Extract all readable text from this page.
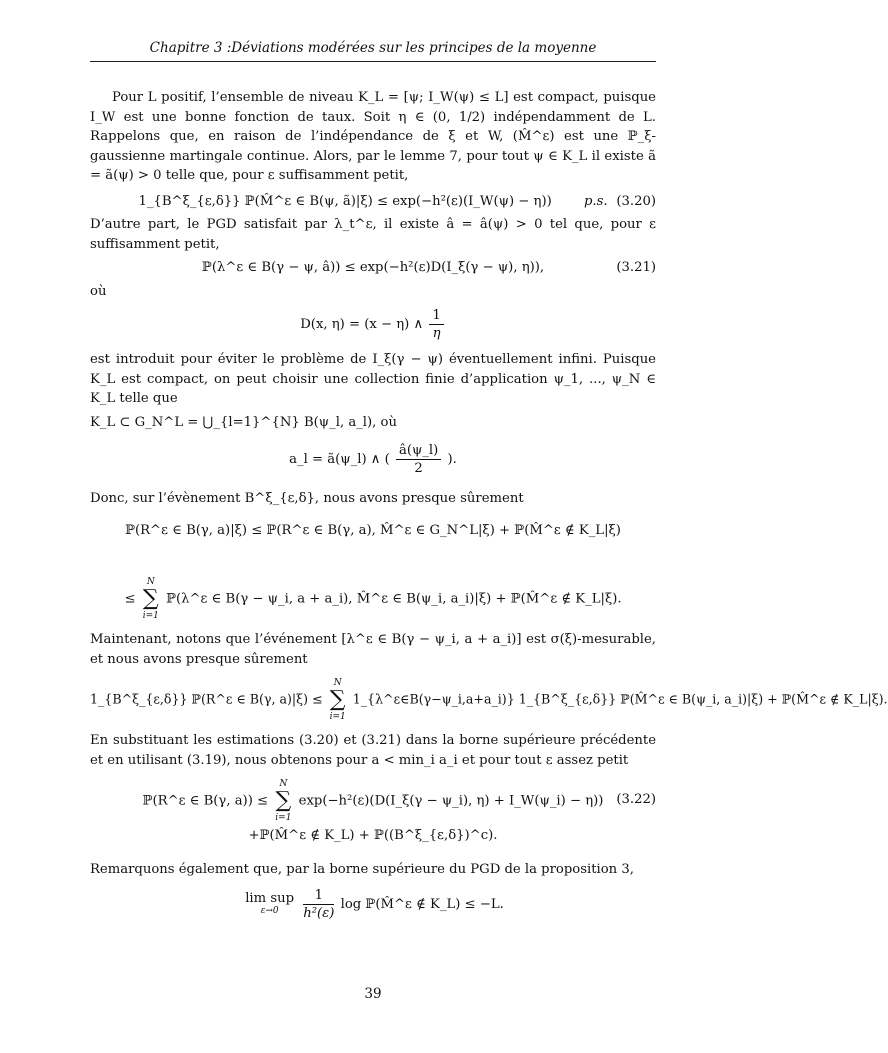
Chapitre 3 :Déviations modérées sur les principes de la moyenne

Pour L positif, l’ensemble de niveau K_L = [ψ; I_W(ψ) ≤ L] est compact, puisque I_W est une bonne fonction de taux. Soit η ∈ (0, 1/2) indépendamment de L. Rappelons que, en raison de l’indépendance de ξ et W, (M̂^ε) est une ℙ_ξ-gaussienne martingale continue. Alors, par le lemme 7, pour tout ψ ∈ K_L il existe ã = ã(ψ) > 0 telle que, pour ε suffisamment petit,

1_{B^ξ_{ε,δ}} ℙ(M̂^ε ∈ B(ψ, ã)|ξ) ≤ exp(−h²(ε)(I_W(ψ) − η)) p.s. (3.20)

D’autre part, le PGD satisfait par λ_t^ε, il existe â = â(ψ) > 0 tel que, pour ε suffisamment petit,

ℙ(λ^ε ∈ B(γ − ψ, â)) ≤ exp(−h²(ε)D(I_ξ(γ − ψ), η)),	(3.21)

où

D(x, η) = (x − η) ∧ $\frac{1}{\eta}$

est introduit pour éviter le problème de I_ξ(γ − ψ) éventuellement infini. Puisque K_L est compact, on peut choisir une collection finie d’application ψ_1, ..., ψ_N ∈ K_L telle que

K_L ⊂ G_N^L = ⋃_{l=1}^{N} B(ψ_l, a_l), où

a_l = ã(ψ_l) ∧ ( $\frac{â(\psi\_l)}{2}$ ).

Donc, sur l’évènement B^ξ_{ε,δ}, nous avons presque sûrement

ℙ(R^ε ∈ B(γ, a)|ξ) ≤ ℙ(R^ε ∈ B(γ, a), M̂^ε ∈ G_N^L|ξ) + ℙ(M̂^ε ∉ K_L|ξ)
≤
N
∑
i=1
ℙ(λ^ε ∈ B(γ − ψ_i, a + a_i), M̂^ε ∈ B(ψ_i, a_i)|ξ) + ℙ(M̂^ε ∉ K_L|ξ).

Maintenant, notons que l’événement [λ^ε ∈ B(γ − ψ_i, a + a_i)] est σ(ξ)-mesurable, et nous avons presque sûrement

1_{B^ξ_{ε,δ}} ℙ(R^ε ∈ B(γ, a)|ξ) ≤
N
∑
i=1
1_{λ^ε∈B(γ−ψ_i,a+a_i)} 1_{B^ξ_{ε,δ}} ℙ(M̂^ε ∈ B(ψ_i, a_i)|ξ) + ℙ(M̂^ε ∉ K_L|ξ).

En substituant les estimations (3.20) et (3.21) dans la borne supérieure précédente et en utilisant (3.19), nous obtenons pour a < min_i a_i et pour tout ε assez petit

ℙ(R^ε ∈ B(γ, a)) ≤
N
∑
i=1
exp(−h²(ε)(D(I_ξ(γ − ψ_i), η) + I_W(ψ_i) − η)) (3.22)
+ℙ(M̂^ε ∉ K_L) + ℙ((B^ξ_{ε,δ})^c).

Remarquons également que, par la borne supérieure du PGD de la proposition 3,

lim sup
ε→0
	$\frac{1}{\text{h²(ε)}}$ log ℙ(M̂^ε ∉ K_L) ≤ −L.
39
